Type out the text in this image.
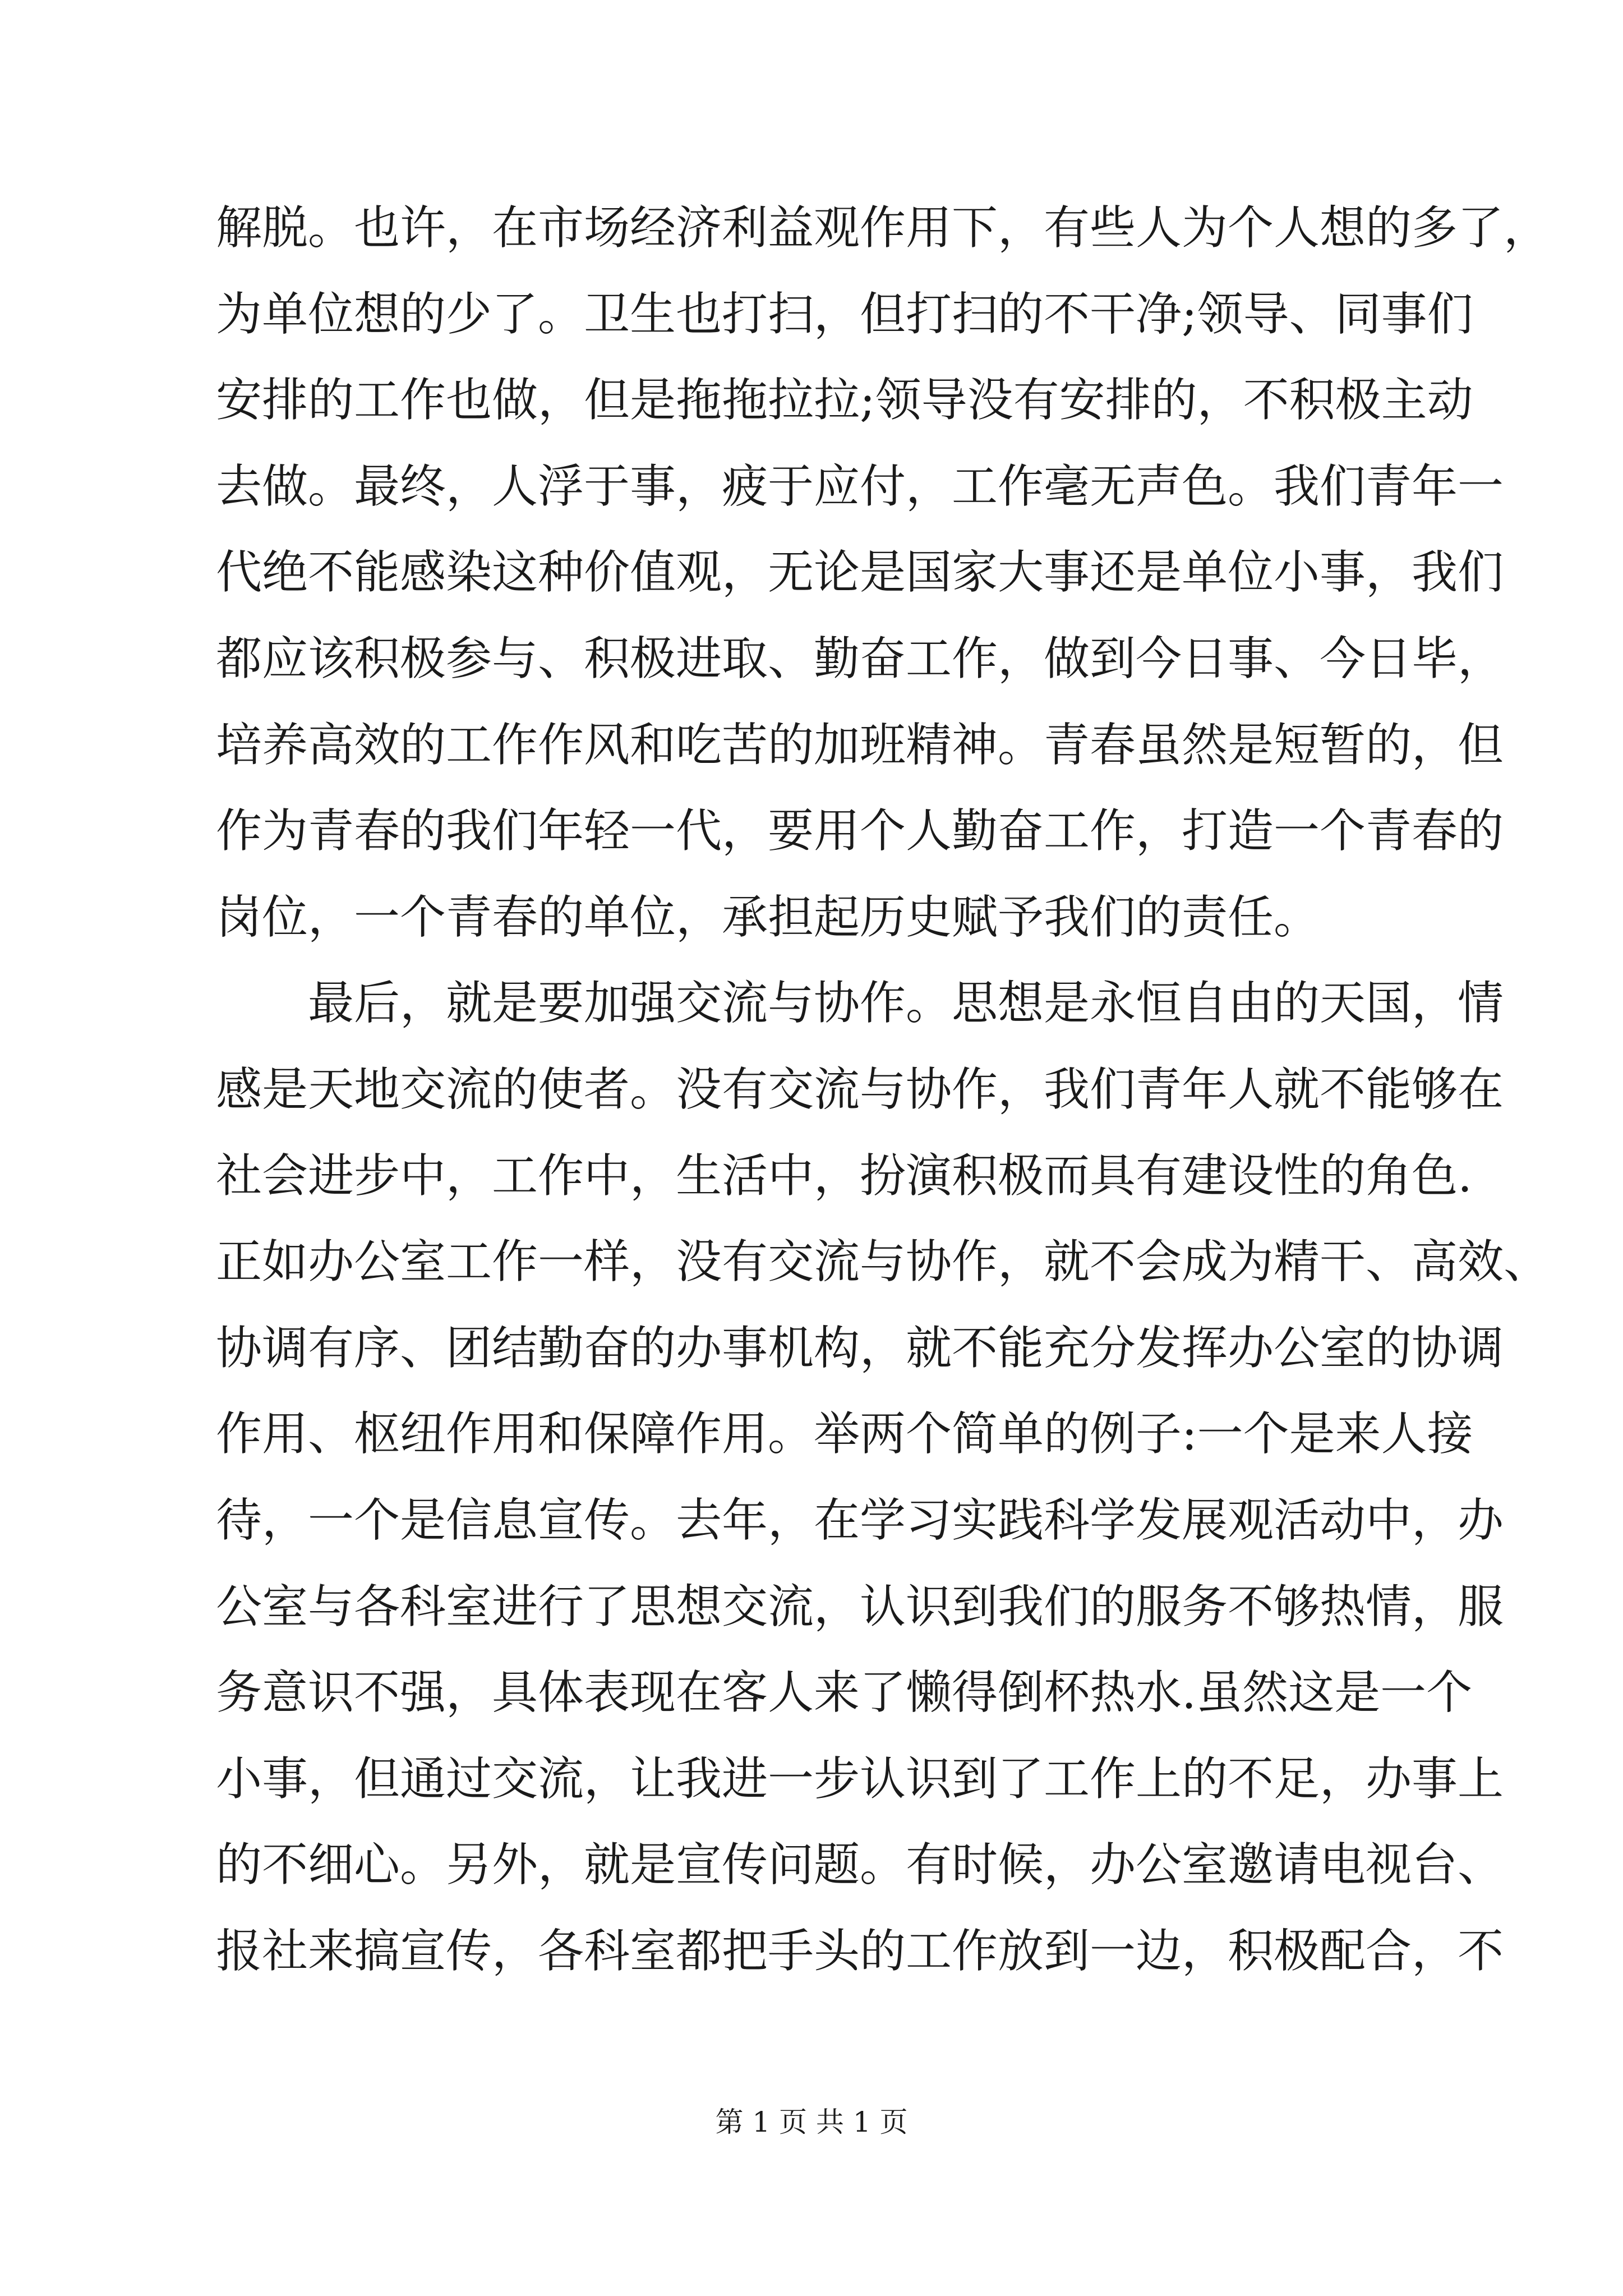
解脱。也许，在市场经济利益观作用下，有些人为个人想的多了，
为单位想的少了。卫生也打扫，但打扫的不干净;领导、同事们
安排的工作也做，但是拖拖拉拉;领导没有安排的，不积极主动
去做。最终，人浮于事，疲于应付，工作毫无声色。我们青年一
代绝不能感染这种价值观，无论是国家大事还是单位小事，我们
都应该积极参与、积极进取、勤奋工作，做到今日事、今日毕，
培养高效的工作作风和吃苦的加班精神。青春虽然是短暂的，但
作为青春的我们年轻一代，要用个人勤奋工作，打造一个青春的
岗位，一个青春的单位，承担起历史赋予我们的责任。
　　最后，就是要加强交流与协作。思想是永恒自由的天国，情
感是天地交流的使者。没有交流与协作，我们青年人就不能够在
社会进步中，工作中，生活中，扮演积极而具有建设性的角色.
正如办公室工作一样，没有交流与协作，就不会成为精干、高效、
协调有序、团结勤奋的办事机构，就不能充分发挥办公室的协调
作用、枢纽作用和保障作用。举两个简单的例子:一个是来人接
待，一个是信息宣传。去年，在学习实践科学发展观活动中，办
公室与各科室进行了思想交流，认识到我们的服务不够热情，服
务意识不强，具体表现在客人来了懒得倒杯热水.虽然这是一个
小事，但通过交流，让我进一步认识到了工作上的不足，办事上
的不细心。另外，就是宣传问题。有时候，办公室邀请电视台、
报社来搞宣传，各科室都把手头的工作放到一边，积极配合，不
第 1 页 共 1 页
